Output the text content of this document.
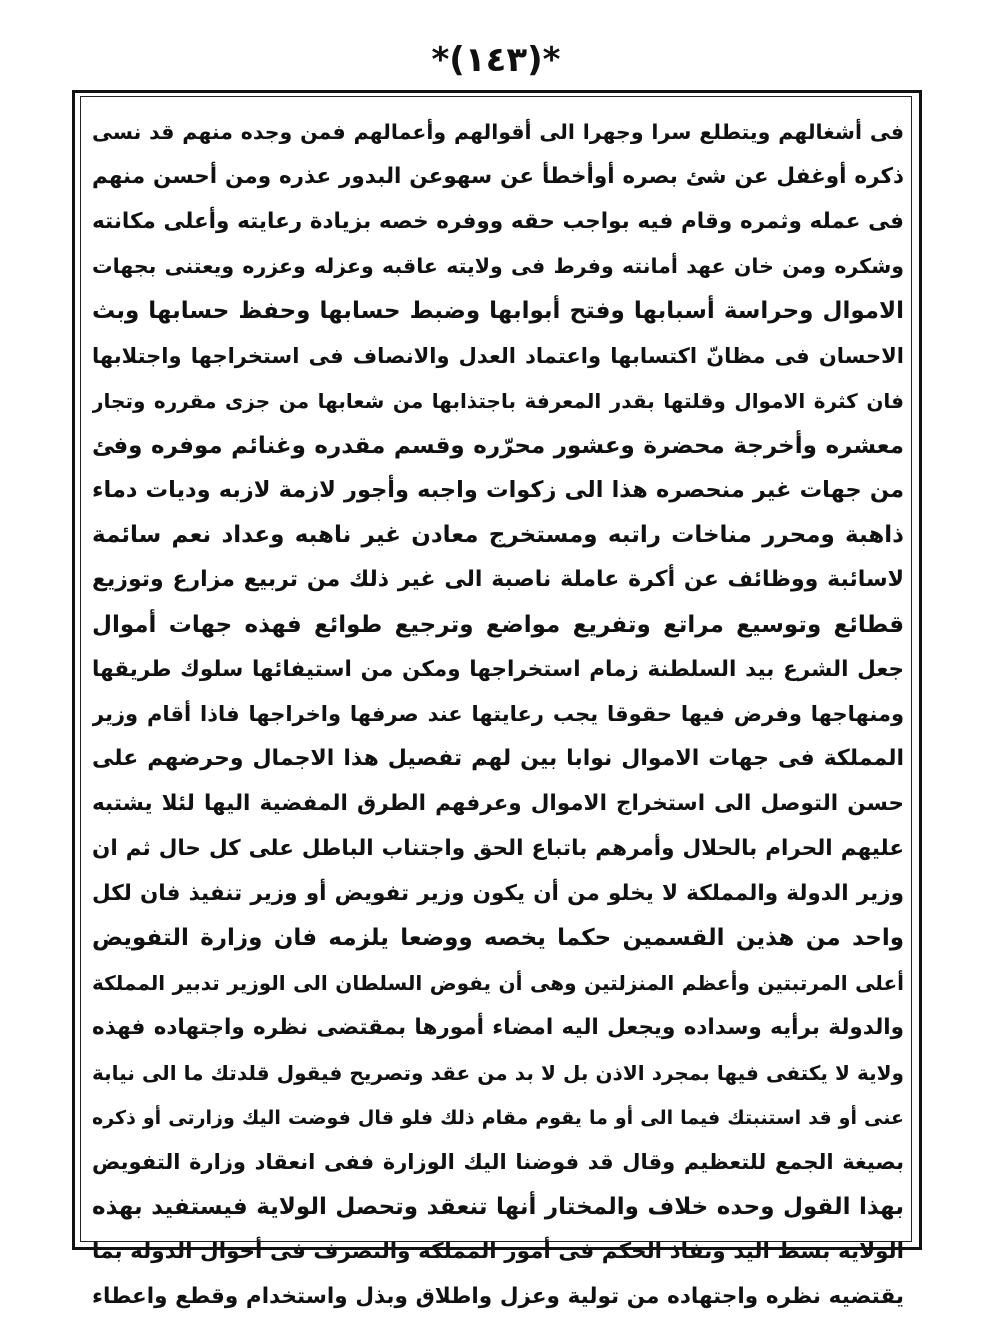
*(١٤٣)*
فى أشغالهم ويتطلع سرا وجهرا الى أقوالهم وأعمالهم فمن وجده منهم قد نسى
ذكره أوغفل عن شئ بصره أوأخطأ عن سهوعن البدور عذره ومن أحسن منهم
فى عمله وثمره وقام فيه بواجب حقه ووفره خصه بزيادة رعايته وأعلى مكانته
وشكره ومن خان عهد أمانته وفرط فى ولايته عاقبه وعزله وعزره ويعتنى بجهات
الاموال وحراسة أسبابها وفتح أبوابها وضبط حسابها وحفظ حسابها وبث
الاحسان فى مظانّ اكتسابها واعتماد العدل والانصاف فى استخراجها واجتلابها
فان كثرة الاموال وقلتها بقدر المعرفة باجتذابها من شعابها من جزى مقرره وتجار
معشره وأخرجة محضرة وعشور محرّره وقسم مقدره وغنائم موفره وفئ
من جهات غير منحصره هذا الى زكوات واجبه وأجور لازمة لازبه وديات دماء
ذاهبة ومحرر مناخات راتبه ومستخرج معادن غير ناهبه وعداد نعم سائمة
لاسائبة ووظائف عن أكرة عاملة ناصبة الى غير ذلك من تربيع مزارع وتوزيع
قطائع وتوسيع مراتع وتفريع مواضع وترجيع طوائع فهذه جهات أموال
جعل الشرع بيد السلطنة زمام استخراجها ومكن من استيفائها سلوك طريقها
ومنهاجها وفرض فيها حقوقا يجب رعايتها عند صرفها واخراجها فاذا أقام وزير
المملكة فى جهات الاموال نوابا بين لهم تفصيل هذا الاجمال وحرضهم على
حسن التوصل الى استخراج الاموال وعرفهم الطرق المفضية اليها لئلا يشتبه
عليهم الحرام بالحلال وأمرهم باتباع الحق واجتناب الباطل على كل حال ثم ان
وزير الدولة والمملكة لا يخلو من أن يكون وزير تفويض أو وزير تنفيذ فان لكل
واحد من هذين القسمين حكما يخصه ووضعا يلزمه فان وزارة التفويض
أعلى المرتبتين وأعظم المنزلتين وهى أن يفوض السلطان الى الوزير تدبير المملكة
والدولة برأيه وسداده ويجعل اليه امضاء أمورها بمقتضى نظره واجتهاده فهذه
ولاية لا يكتفى فيها بمجرد الاذن بل لا بد من عقد وتصريح فيقول قلدتك ما الى نيابة
عنى أو قد استنبتك فيما الى أو ما يقوم مقام ذلك فلو قال فوضت اليك وزارتى أو ذكره
بصيغة الجمع للتعظيم وقال قد فوضنا اليك الوزارة ففى انعقاد وزارة التفويض
بهذا القول وحده خلاف والمختار أنها تنعقد وتحصل الولاية فيستفيد بهذه
الولاية بسط اليد ونفاذ الحكم فى أمور المملكة والتصرف فى أحوال الدولة بما
يقتضيه نظره واجتهاده من تولية وعزل واطلاق وبذل واستخدام وقطع واعطاء
